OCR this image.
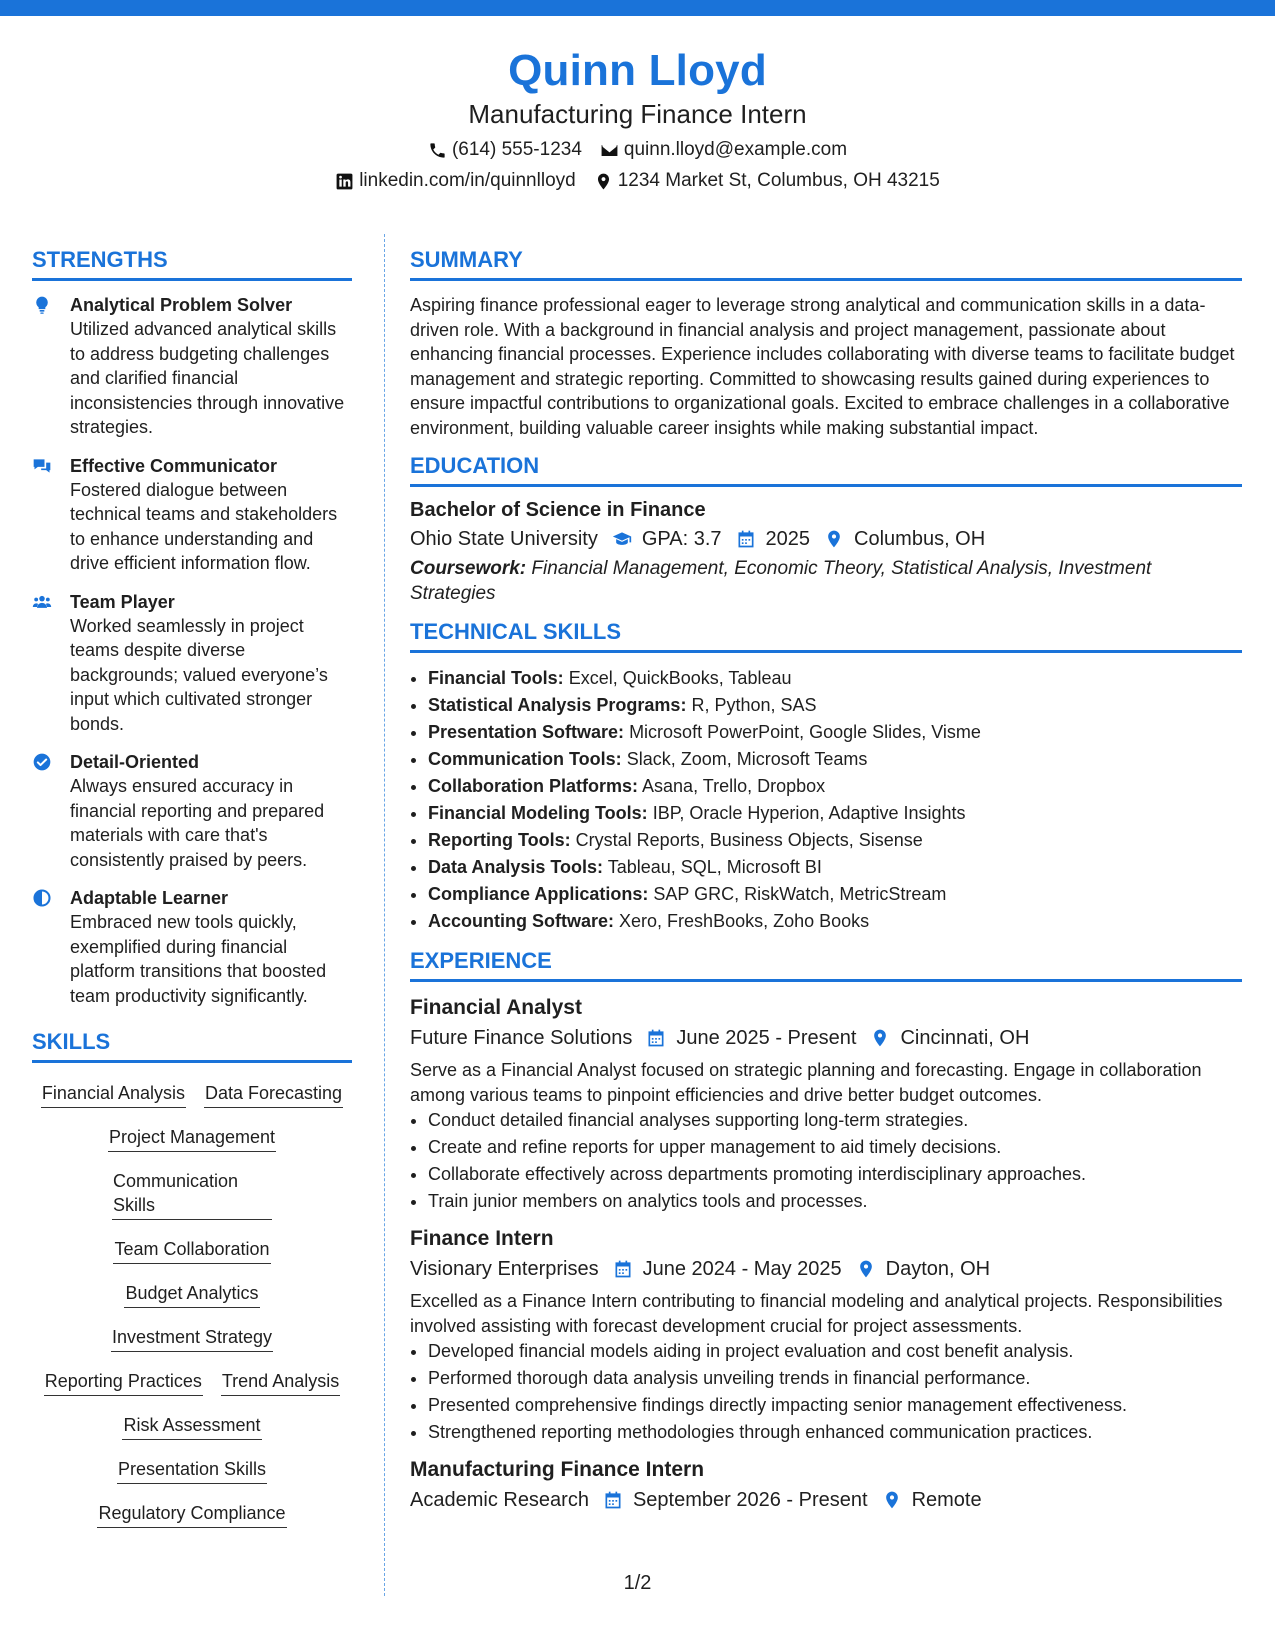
Quinn Lloyd
Manufacturing Finance Intern
(614) 555-1234 quinn.lloyd@example.com
linkedin.com/in/quinnlloyd 1234 Market St, Columbus, OH 43215
STRENGTHS
Analytical Problem Solver
Utilized advanced analytical skills to address budgeting challenges and clarified financial inconsistencies through innovative strategies.
Effective Communicator
Fostered dialogue between technical teams and stakeholders to enhance understanding and drive efficient information flow.
Team Player
Worked seamlessly in project teams despite diverse backgrounds; valued everyone’s input which cultivated stronger bonds.
Detail-Oriented
Always ensured accuracy in financial reporting and prepared materials with care that's consistently praised by peers.
Adaptable Learner
Embraced new tools quickly, exemplified during financial platform transitions that boosted team productivity significantly.
SKILLS
Financial Analysis Data Forecasting
Project Management
Communication Skills
Team Collaboration
Budget Analytics
Investment Strategy
Reporting Practices Trend Analysis
Risk Assessment
Presentation Skills
Regulatory Compliance
SUMMARY
Aspiring finance professional eager to leverage strong analytical and communication skills in a data-driven role. With a background in financial analysis and project management, passionate about enhancing financial processes. Experience includes collaborating with diverse teams to facilitate budget management and strategic reporting. Committed to showcasing results gained during experiences to ensure impactful contributions to organizational goals. Excited to embrace challenges in a collaborative environment, building valuable career insights while making substantial impact.
EDUCATION
Bachelor of Science in Finance
Ohio State University GPA: 3.7 2025 Columbus, OH
Coursework: Financial Management, Economic Theory, Statistical Analysis, Investment Strategies
TECHNICAL SKILLS
• Financial Tools: Excel, QuickBooks, Tableau
• Statistical Analysis Programs: R, Python, SAS
• Presentation Software: Microsoft PowerPoint, Google Slides, Visme
• Communication Tools: Slack, Zoom, Microsoft Teams
• Collaboration Platforms: Asana, Trello, Dropbox
• Financial Modeling Tools: IBP, Oracle Hyperion, Adaptive Insights
• Reporting Tools: Crystal Reports, Business Objects, Sisense
• Data Analysis Tools: Tableau, SQL, Microsoft BI
• Compliance Applications: SAP GRC, RiskWatch, MetricStream
• Accounting Software: Xero, FreshBooks, Zoho Books
EXPERIENCE
Financial Analyst
Future Finance Solutions June 2025 - Present Cincinnati, OH
Serve as a Financial Analyst focused on strategic planning and forecasting. Engage in collaboration among various teams to pinpoint efficiencies and drive better budget outcomes.
• Conduct detailed financial analyses supporting long-term strategies.
• Create and refine reports for upper management to aid timely decisions.
• Collaborate effectively across departments promoting interdisciplinary approaches.
• Train junior members on analytics tools and processes.
Finance Intern
Visionary Enterprises June 2024 - May 2025 Dayton, OH
Excelled as a Finance Intern contributing to financial modeling and analytical projects. Responsibilities involved assisting with forecast development crucial for project assessments.
• Developed financial models aiding in project evaluation and cost benefit analysis.
• Performed thorough data analysis unveiling trends in financial performance.
• Presented comprehensive findings directly impacting senior management effectiveness.
• Strengthened reporting methodologies through enhanced communication practices.
Manufacturing Finance Intern
Academic Research September 2026 - Present Remote
1/2
